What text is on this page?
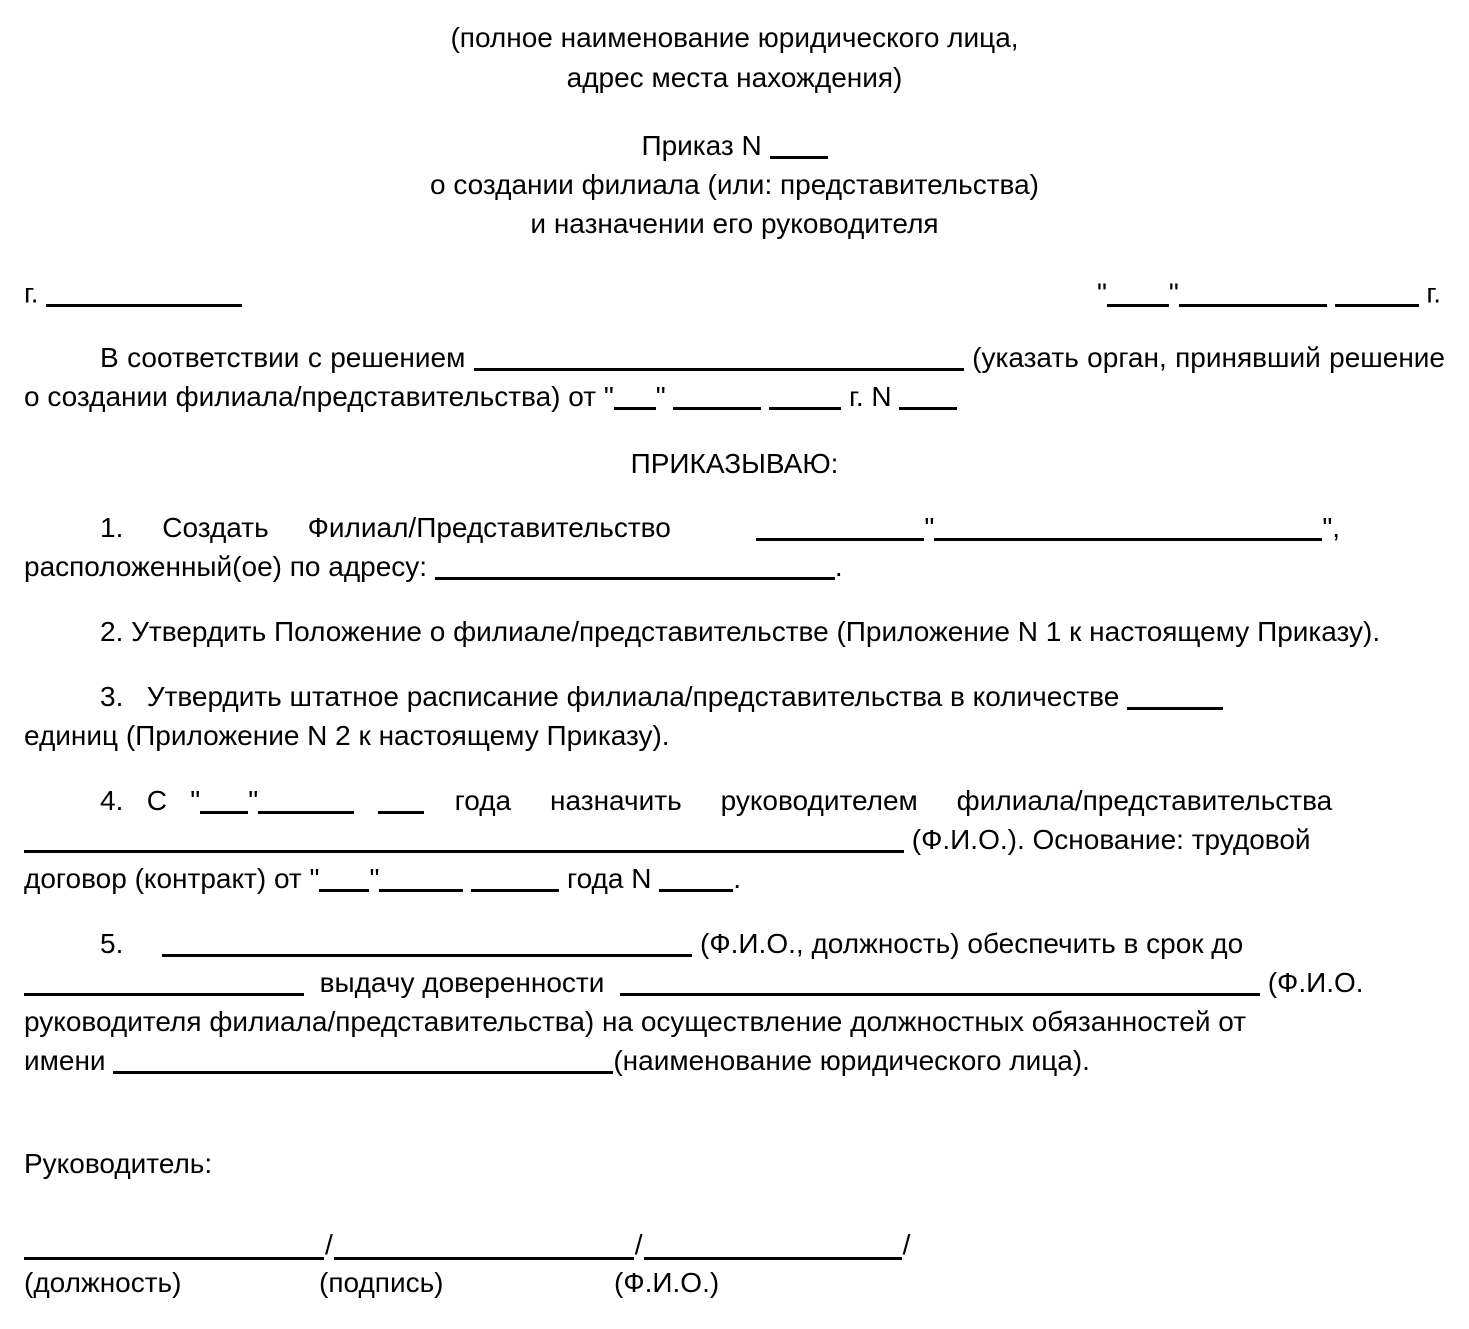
(полное наименование юридического лица,
адрес места нахождения)
Приказ N
о создании филиала (или: представительства)
и назначении его руководителя
г.	" "	г.
В соответствии с решением	(указать орган, принявший решение о создании филиала/представительства) от " "	г. N
ПРИКАЗЫВАЮ:
1. Создать Филиал/Представительство	"	",
расположенный(ое) по адресу:	.
2. Утвердить Положение о филиале/представительстве (Приложение N 1 к настоящему Приказу).
3. Утвердить штатное расписание филиала/представительства в количестве
единиц (Приложение N 2 к настоящему Приказу).
4. С " "	года назначить руководителем филиала/представительства
(Ф.И.О.). Основание: трудовой
договор (контракт) от " "	года N	.
5.	(Ф.И.О., должность) обеспечить в срок до
выдачу доверенности	(Ф.И.О.
руководителя филиала/представительства) на осуществление должностных обязанностей от
имени	(наименование юридического лица).
Руководитель:
/	/	/
(должность)	(подпись)	(Ф.И.О.)
